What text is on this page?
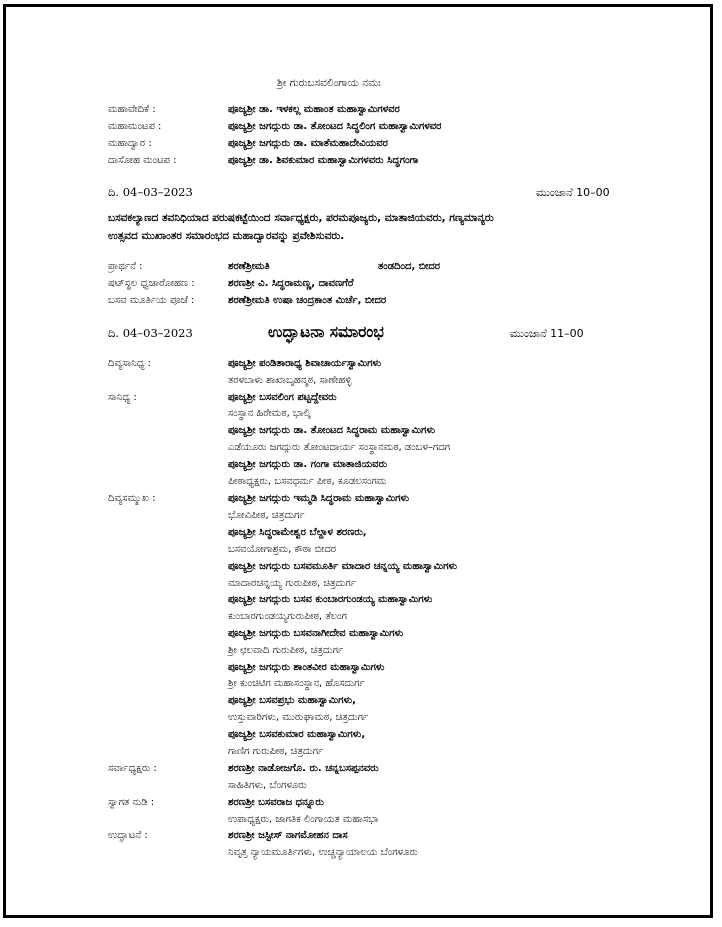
ಶ್ರೀ ಗುರುಬಸವಲಿಂಗಾಯ ನಮಃ
ಮಹಾವೇದಿಕೆ :	ಪೂಜ್ಯಶ್ರೀ ಡಾ. ಇಳಕಲ್ಲ ಮಹಾಂತ ಮಹಾಸ್ವಾಮಿಗಳವರ
ಮಹಾಮಂಟಪ :	ಪೂಜ್ಯಶ್ರೀ ಜಗದ್ಗುರು ಡಾ. ತೋಂಟದ ಸಿದ್ಧಲಿಂಗ ಮಹಾಸ್ವಾಮಿಗಳವರ
ಮಹಾದ್ವಾರ :	ಪೂಜ್ಯಶ್ರೀ ಜಗದ್ಗುರು ಡಾ. ಮಾತೆಮಹಾದೇವಿಯವರ
ದಾಸೋಹ ಮಂಟಪ :	ಪೂಜ್ಯಶ್ರೀ ಡಾ. ಶಿವಕುಮಾರ ಮಹಾಸ್ವಾಮಿಗಳವರು ಸಿದ್ಧಗಂಗಾ
ದಿ. 04–03–2023	ಮುಂಜಾನೆ 10–00
ಬಸವಕಲ್ಯಾಣದ ತವನಿಧಿಯಾದ ಪರುಷಕಟ್ಟೆಯಿಂದ ಸರ್ವಾಧ್ಯಕ್ಷರು, ಪರಮಪೂಜ್ಯರು, ಮಾತಾಜಿಯವರು, ಗಣ್ಯಮಾನ್ಯರು
ಉತ್ಸವದ ಮುಖಾಂತರ ಸಮಾರಂಭದ ಮಹಾದ್ವಾರವನ್ನು ಪ್ರವೇಶಿಸುವರು.
ಪ್ರಾರ್ಥನೆ :	ಶರಣೆಶ್ರೀಮತಿ	ತಂಡದಿಂದ, ಬೀದರ
ಷಟ್‌ಸ್ಥಲ ಧ್ವಜಾರೋಹಣ :	ಶರಣಶ್ರೀ ವಿ. ಸಿದ್ಧರಾಮಣ್ಣ, ದಾವಣಗೆರೆ
ಬಸವ ಮೂರ್ತಿಯ ಪೂಜೆ :	ಶರಣೆಶ್ರೀಮತಿ ಉಷಾ ಚಂದ್ರಕಾಂತ ಮಿರ್ಚೆ, ಬೀದರ
ದಿ. 04–03–2023	ಉದ್ಘಾಟನಾ ಸಮಾರಂಭ	ಮುಂಜಾನೆ 11–00
ದಿವ್ಯಸಾನಿಧ್ಯ :	ಪೂಜ್ಯಶ್ರೀ ಪಂಡಿತಾರಾಧ್ಯ ಶಿವಾಚಾರ್ಯಸ್ವಾಮಿಗಳು
ತರಳಬಾಳು ಶಾಖಾಬೃಹನ್ಮಠ, ಸಾಣೇಹಳ್ಳಿ
ಸಾನಿಧ್ಯ :	ಪೂಜ್ಯಶ್ರೀ ಬಸವಲಿಂಗ ಪಟ್ಟದ್ದೇವರು
ಸಂಸ್ಥಾನ ಹಿರೇಮಠ, ಭಾಲ್ಕಿ
ಪೂಜ್ಯಶ್ರೀ ಜಗದ್ಗುರು ಡಾ. ತೋಂಟದ ಸಿದ್ಧರಾಮ ಮಹಾಸ್ವಾಮಿಗಳು
ಎಡೆಯೂರು ಜಗದ್ಗುರು ತೋಂಟದಾರ್ಯ ಸಂಸ್ಥಾನಮಠ, ಡಂಬಳ–ಗದಗ
ಪೂಜ್ಯಶ್ರೀ ಜಗದ್ಗುರು ಡಾ. ಗಂಗಾ ಮಾತಾಜಿಯವರು
ಪೀಠಾಧ್ಯಕ್ಷರು, ಬಸವಧರ್ಮ ಪೀಠ, ಕೂಡಲಸಂಗಮ
ದಿವ್ಯಸಮ್ಮುಖ :	ಪೂಜ್ಯಶ್ರೀ ಜಗದ್ಗುರು ಇಮ್ಮಡಿ ಸಿದ್ಧರಾಮ ಮಹಾಸ್ವಾಮಿಗಳು
ಭೋವಿಪೀಠ, ಚಿತ್ರದುರ್ಗ
ಪೂಜ್ಯಶ್ರೀ ಸಿದ್ಧರಾಮೇಶ್ವರ ಬೆಲ್ದಾಳ ಶರಣರು,
ಬಸವಯೋಗಾಶ್ರಮ, ಕೌಠಾ ಬೀದರ
ಪೂಜ್ಯಶ್ರೀ ಜಗದ್ಗುರು ಬಸವಮೂರ್ತಿ ಮಾದಾರ ಚನ್ನಯ್ಯ ಮಹಾಸ್ವಾಮಿಗಳು
ಮಾದಾರಚನ್ನಯ್ಯ ಗುರುಪೀಠ, ಚಿತ್ರದುರ್ಗ
ಪೂಜ್ಯಶ್ರೀ ಜಗದ್ಗುರು ಬಸವ ಕುಂಬಾರಗುಂಡಯ್ಯ ಮಹಾಸ್ವಾಮಿಗಳು
ಕುಂಬಾರಗುಂಡಯ್ಯಗುರುಪೀಠ, ತೆಲಂಗ
ಪೂಜ್ಯಶ್ರೀ ಜಗದ್ಗುರು ಬಸವನಾಗೀದೇವ ಮಹಾಸ್ವಾಮಿಗಳು
ಶ್ರೀ ಛಲವಾದಿ ಗುರುಪೀಠ, ಚಿತ್ರದುರ್ಗ
ಪೂಜ್ಯಶ್ರೀ ಜಗದ್ಗುರು ಶಾಂತವೀರ ಮಹಾಸ್ವಾಮಿಗಳು
ಶ್ರೀ ಕುಂಚಿಟಿಗ ಮಹಾಸಂಸ್ಥಾನ, ಹೊಸದುರ್ಗ
ಪೂಜ್ಯಶ್ರೀ ಬಸವಪ್ರಭು ಮಹಾಸ್ವಾಮಿಗಳು,
ಉಸ್ತುವಾರಿಗಳು, ಮುರುಘಾಮಠ, ಚಿತ್ರದುರ್ಗ
ಪೂಜ್ಯಶ್ರೀ ಬಸವಕುಮಾರ ಮಹಾಸ್ವಾಮಿಗಳು,
ಗಾಣಿಗ ಗುರುಪೀಠ, ಚಿತ್ರದುರ್ಗ
ಸರ್ವಾಧ್ಯಕ್ಷರು :	ಶರಣಶ್ರೀ ನಾಡೋಜಗೊ. ರು. ಚನ್ನಬಸಪ್ಪನವರು
ಸಾಹಿತಿಗಳು, ಬೆಂಗಳೂರು
ಸ್ವಾಗತ ನುಡಿ :	ಶರಣಶ್ರೀ ಬಸವರಾಜ ಧನ್ನೂರು
ಉಪಾಧ್ಯಕ್ಷರು, ಜಾಗತಿಕ ಲಿಂಗಾಯತ ಮಹಾಸಭಾ
ಉದ್ಘಾಟನೆ :	ಶರಣಶ್ರೀ ಜಸ್ಟೀಸ್ ನಾಗಮೋಹನ ದಾಸ
ನಿವೃತ್ತ ನ್ಯಾಯಮೂರ್ತಿಗಳು, ಉಚ್ಚನ್ಯಾಯಾಲಯ ಬೆಂಗಳೂರು
